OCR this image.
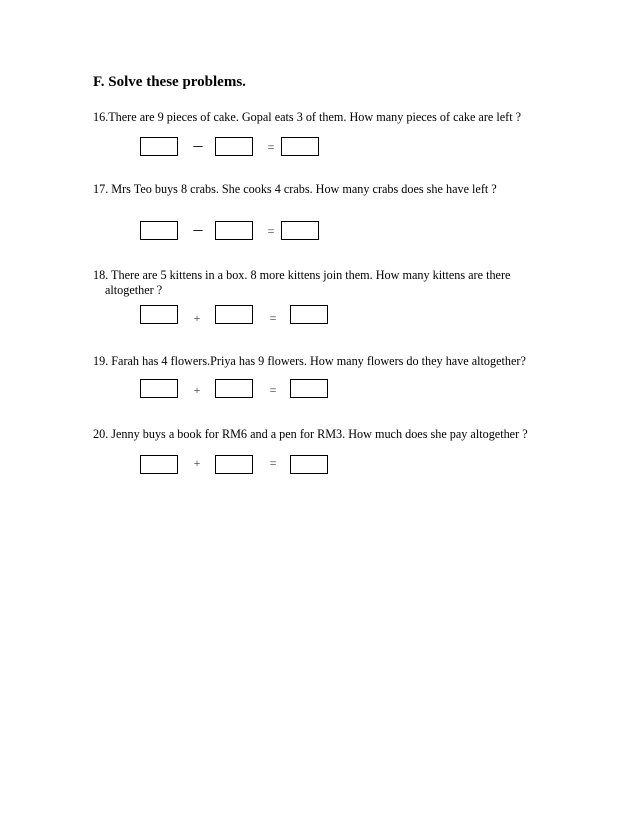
F. Solve these problems.
16.There are 9 pieces of cake. Gopal eats 3 of them. How many pieces of cake are left ?
–	=
17. Mrs Teo buys 8 crabs. She cooks 4 crabs. How many crabs does she have left ?
–	=
18. There are 5 kittens in a box. 8 more kittens join them. How many kittens are there
altogether ?
+	=
19. Farah has 4 flowers.Priya has 9 flowers. How many flowers do they have altogether?
+	=
20. Jenny buys a book for RM6 and a pen for RM3. How much does she pay altogether ?
+	=
